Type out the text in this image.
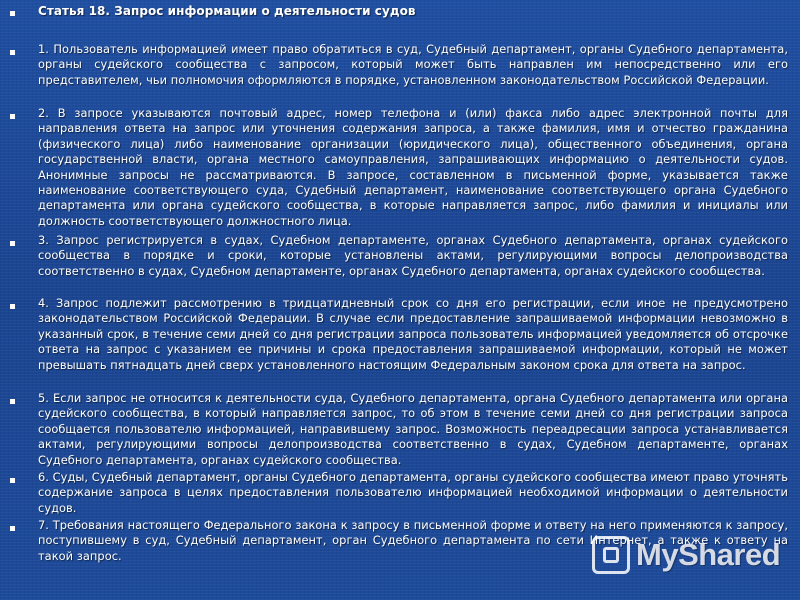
Статья 18. Запрос информации о деятельности судов
1. Пользователь информацией имеет право обратиться в суд, Судебный департамент, органы Судебного департамента, органы судейского сообщества с запросом, который может быть направлен им непосредственно или его представителем, чьи полномочия оформляются в порядке, установленном законодательством Российской Федерации.
2. В запросе указываются почтовый адрес, номер телефона и (или) факса либо адрес электронной почты для направления ответа на запрос или уточнения содержания запроса, а также фамилия, имя и отчество гражданина (физического лица) либо наименование организации (юридического лица), общественного объединения, органа государственной власти, органа местного самоуправления, запрашивающих информацию о деятельности судов. Анонимные запросы не рассматриваются. В запросе, составленном в письменной форме, указывается также наименование соответствующего суда, Судебный департамент, наименование соответствующего органа Судебного департамента или органа судейского сообщества, в которые направляется запрос, либо фамилия и инициалы или должность соответствующего должностного лица.
3. Запрос регистрируется в судах, Судебном департаменте, органах Судебного департамента, органах судейского сообщества в порядке и сроки, которые установлены актами, регулирующими вопросы делопроизводства соответственно в судах, Судебном департаменте, органах Судебного департамента, органах судейского сообщества.
4. Запрос подлежит рассмотрению в тридцатидневный срок со дня его регистрации, если иное не предусмотрено законодательством Российской Федерации. В случае если предоставление запрашиваемой информации невозможно в указанный срок, в течение семи дней со дня регистрации запроса пользователь информацией уведомляется об отсрочке ответа на запрос с указанием ее причины и срока предоставления запрашиваемой информации, который не может превышать пятнадцать дней сверх установленного настоящим Федеральным законом срока для ответа на запрос.
5. Если запрос не относится к деятельности суда, Судебного департамента, органа Судебного департамента или органа судейского сообщества, в который направляется запрос, то об этом в течение семи дней со дня регистрации запроса сообщается пользователю информацией, направившему запрос. Возможность переадресации запроса устанавливается актами, регулирующими вопросы делопроизводства соответственно в судах, Судебном департаменте, органах Судебного департамента, органах судейского сообщества.
6. Суды, Судебный департамент, органы Судебного департамента, органы судейского сообщества имеют право уточнять содержание запроса в целях предоставления пользователю информацией необходимой информации о деятельности судов.
7. Требования настоящего Федерального закона к запросу в письменной форме и ответу на него применяются к запросу, поступившему в суд, Судебный департамент, орган Судебного департамента по сети Интернет, а также к ответу на такой запрос.	MyShared
